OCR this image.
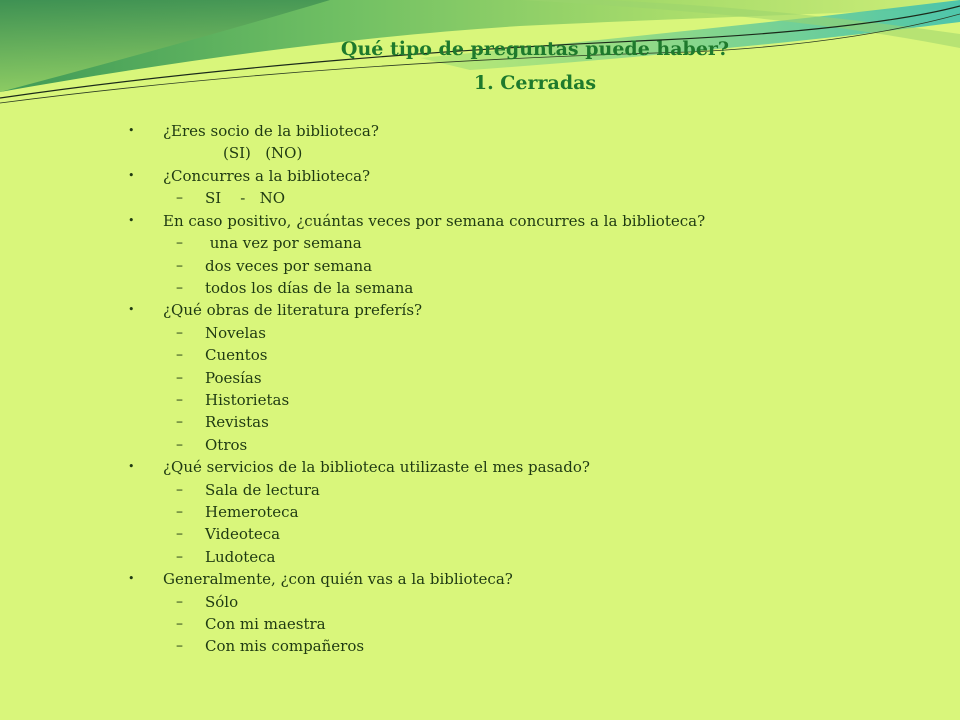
Qué tipo de preguntas puede haber?
1. Cerradas
• ¿Eres socio de la biblioteca?
(SI)   (NO)
• ¿Concurres a la biblioteca?
– SI    -   NO
• En caso positivo, ¿cuántas veces por semana concurres a la biblioteca?
– una vez por semana
– dos veces por semana
– todos los días de la semana
• ¿Qué obras de literatura preferís?
– Novelas
– Cuentos
– Poesías
– Historietas
– Revistas
– Otros
• ¿Qué servicios de la biblioteca utilizaste el mes pasado?
– Sala de lectura
– Hemeroteca
– Videoteca
– Ludoteca
• Generalmente, ¿con quién vas a la biblioteca?
– Sólo
– Con mi maestra
– Con mis compañeros
